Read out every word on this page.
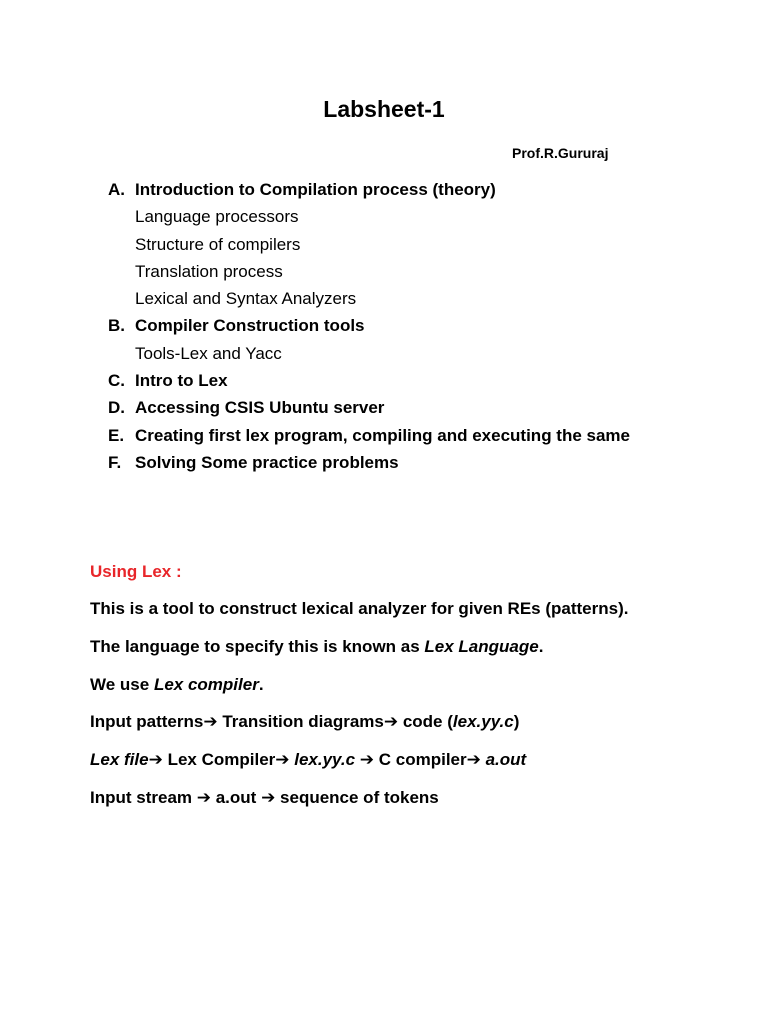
Labsheet-1
Prof.R.Gururaj
A. Introduction to Compilation process (theory)
Language processors
Structure of compilers
Translation process
Lexical and Syntax Analyzers
B. Compiler Construction tools
Tools-Lex and Yacc
C. Intro to Lex
D. Accessing CSIS Ubuntu server
E. Creating first lex program, compiling and executing the same
F. Solving Some practice problems
Using Lex :
This is a tool to construct lexical analyzer for given REs (patterns).
The language to specify this is known as Lex Language.
We use Lex compiler.
Input patterns➔ Transition diagrams➔ code (lex.yy.c)
Lex file➔ Lex Compiler➔ lex.yy.c ➔ C compiler➔ a.out
Input stream ➔ a.out ➔ sequence of tokens
